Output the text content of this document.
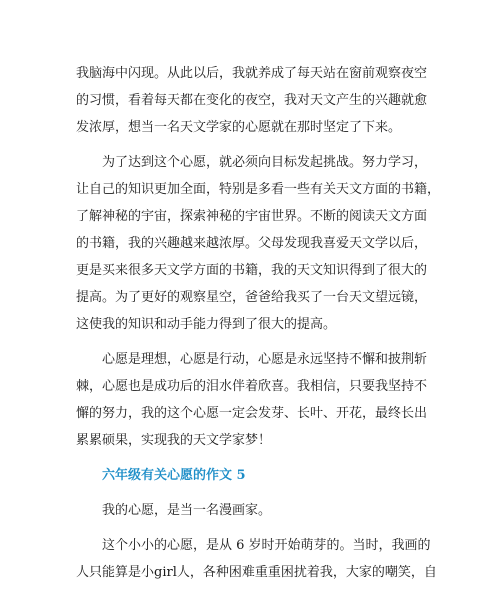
我脑海中闪现。从此以后，我就养成了每天站在窗前观察夜空
的习惯，看着每天都在变化的夜空，我对天文产生的兴趣就愈
发浓厚，想当一名天文学家的心愿就在那时坚定了下来。
为了达到这个心愿，就必须向目标发起挑战。努力学习，
让自己的知识更加全面，特别是多看一些有关天文方面的书籍，
了解神秘的宇宙，探索神秘的宇宙世界。不断的阅读天文方面
的书籍，我的兴趣越来越浓厚。父母发现我喜爱天文学以后，
更是买来很多天文学方面的书籍，我的天文知识得到了很大的
提高。为了更好的观察星空，爸爸给我买了一台天文望远镜，
这使我的知识和动手能力得到了很大的提高。
心愿是理想，心愿是行动，心愿是永远坚持不懈和披荆斩
棘，心愿也是成功后的泪水伴着欣喜。我相信，只要我坚持不
懈的努力，我的这个心愿一定会发芽、长叶、开花，最终长出
累累硕果，实现我的天文学家梦！
六年级有关心愿的作文 5
我的心愿，是当一名漫画家。
这个小小的心愿，是从 6 岁时开始萌芽的。当时，我画的
人只能算是小girl人，各种困难重重困扰着我，大家的嘲笑，自
